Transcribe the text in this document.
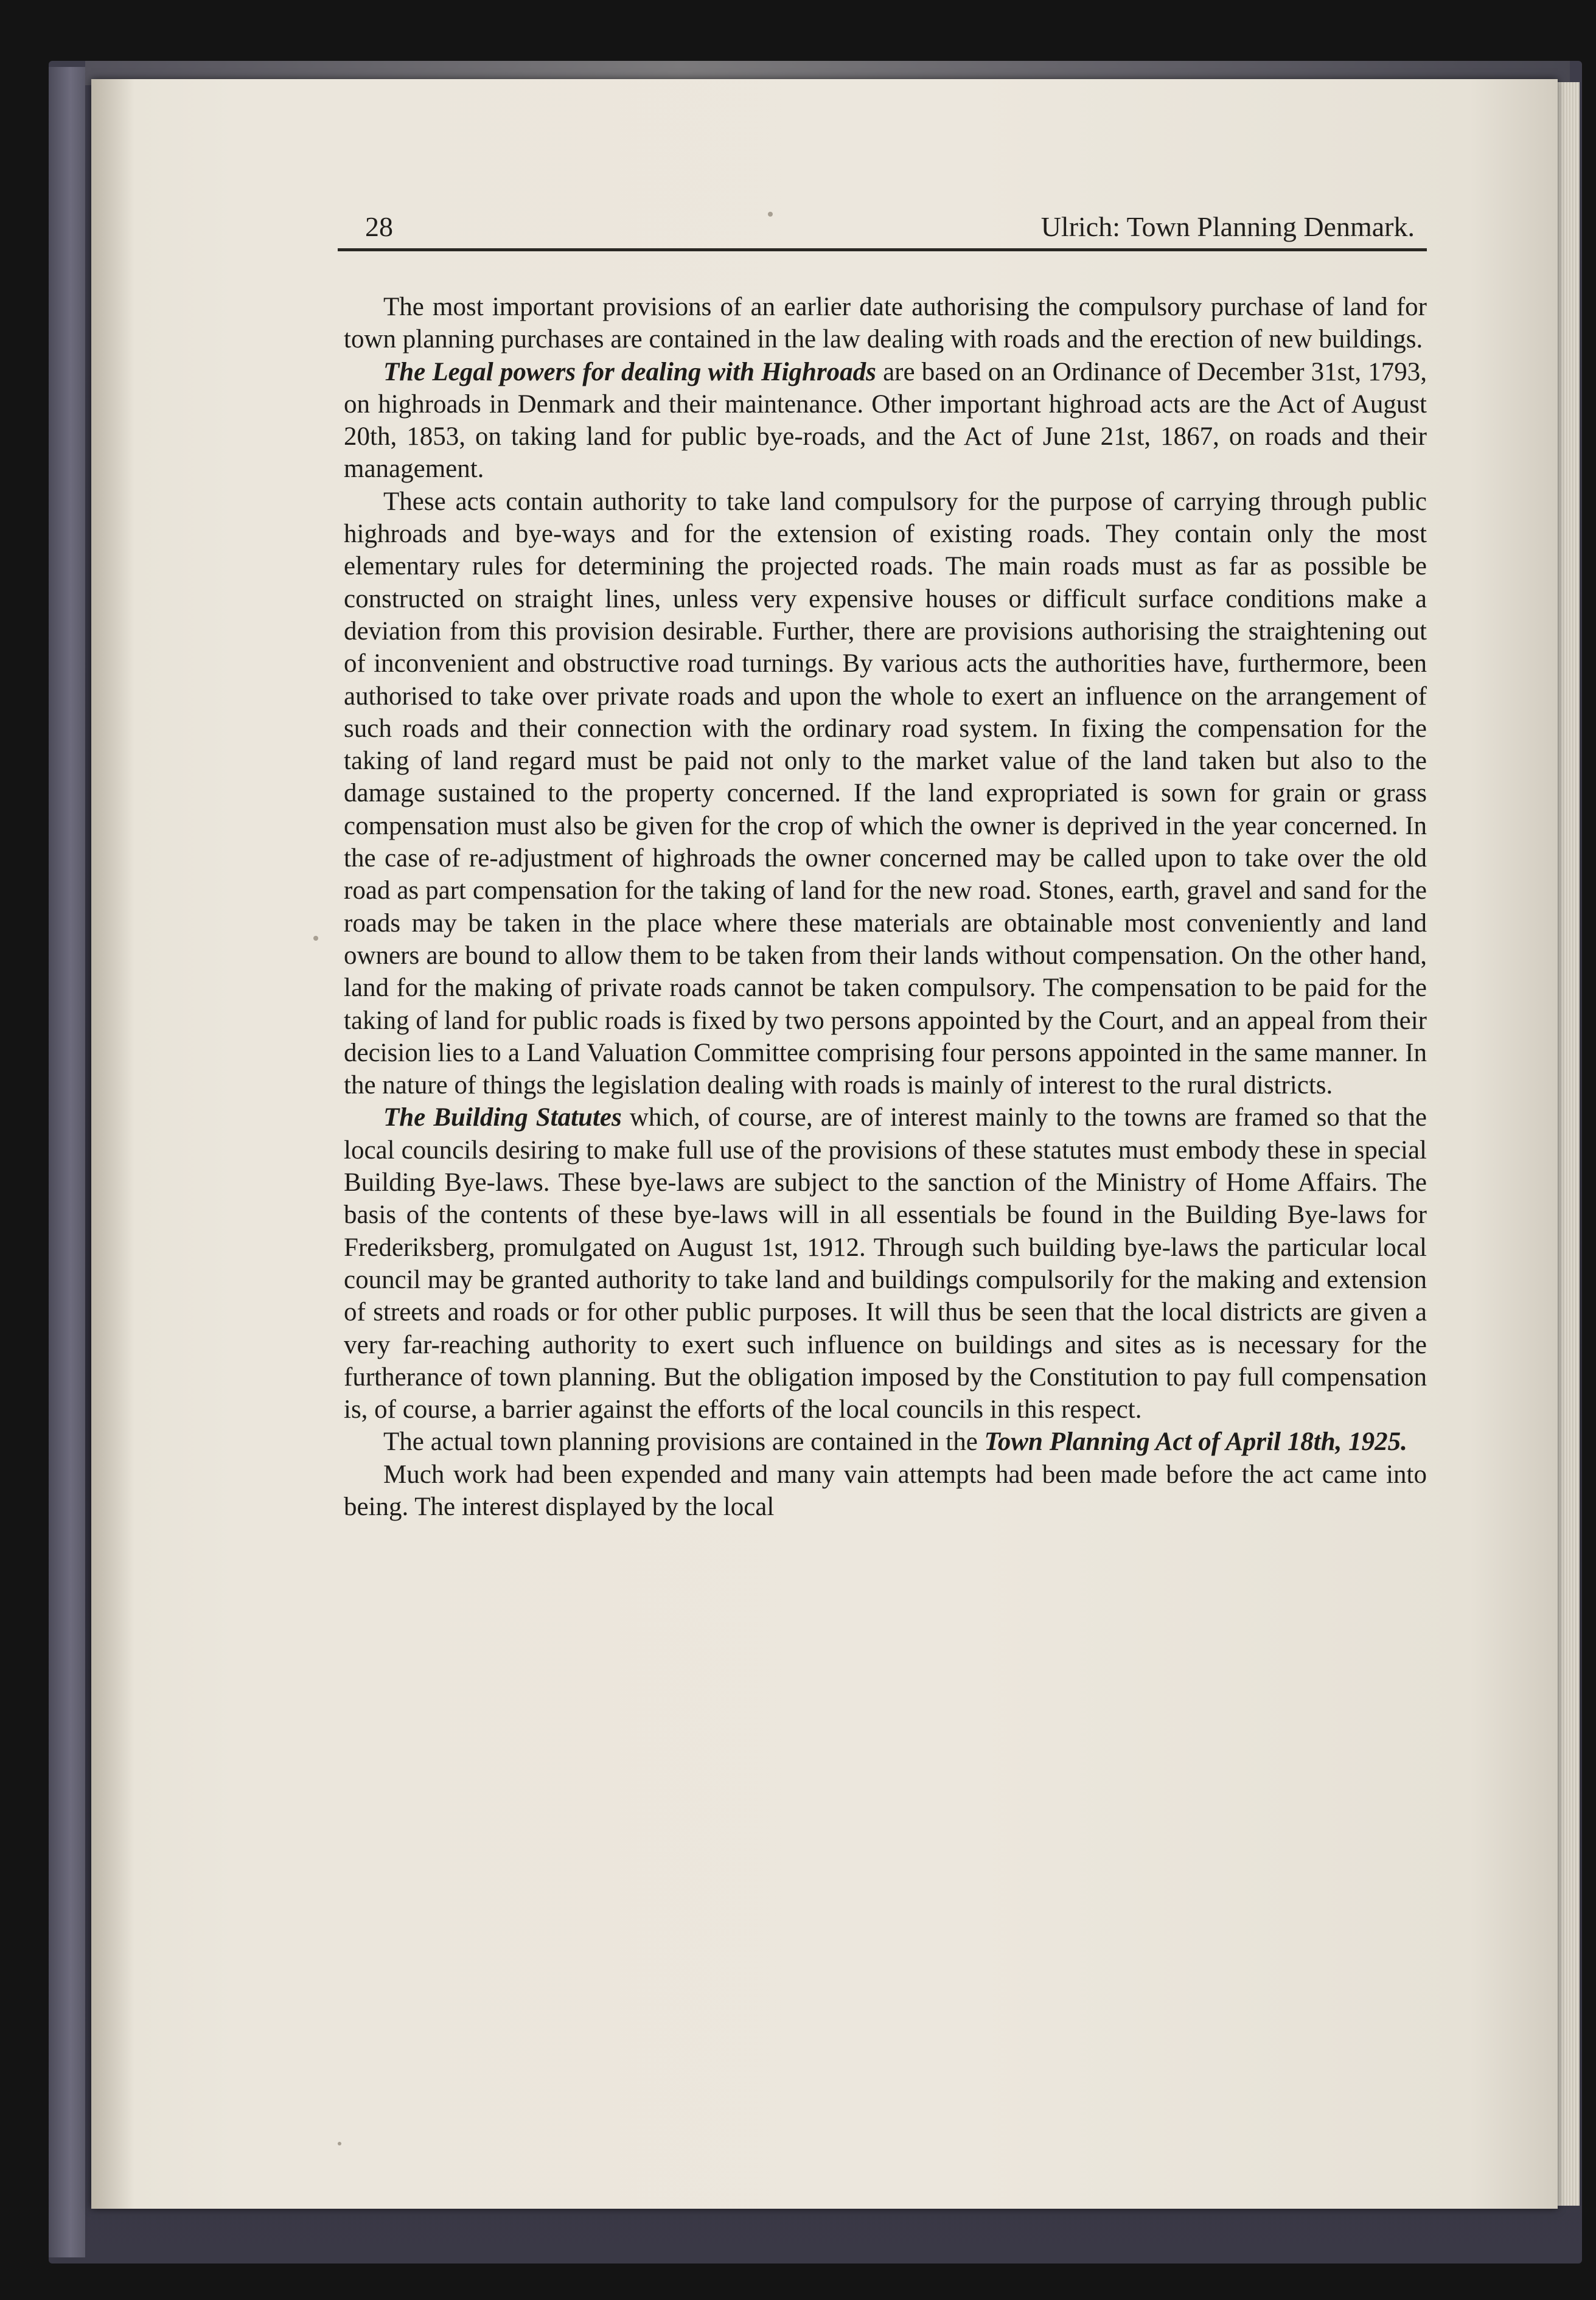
28	Ulrich: Town Planning Denmark.

The most important provisions of an earlier date authorising the compulsory purchase of land for town planning purchases are contained in the law dealing with roads and the erection of new buildings.

The Legal powers for dealing with Highroads are based on an Ordinance of December 31st, 1793, on highroads in Denmark and their maintenance. Other important highroad acts are the Act of August 20th, 1853, on taking land for public bye-roads, and the Act of June 21st, 1867, on roads and their management.

These acts contain authority to take land compulsory for the purpose of carrying through public highroads and bye-ways and for the extension of existing roads. They contain only the most elementary rules for determining the projected roads. The main roads must as far as possible be constructed on straight lines, unless very expensive houses or difficult surface conditions make a deviation from this provision desirable. Further, there are provisions authorising the straightening out of inconvenient and obstructive road turnings. By various acts the authorities have, furthermore, been authorised to take over private roads and upon the whole to exert an influence on the arrangement of such roads and their connection with the ordinary road system. In fixing the compensation for the taking of land regard must be paid not only to the market value of the land taken but also to the damage sustained to the property concerned. If the land expropriated is sown for grain or grass compensation must also be given for the crop of which the owner is deprived in the year concerned. In the case of re-adjustment of highroads the owner concerned may be called upon to take over the old road as part compensation for the taking of land for the new road. Stones, earth, gravel and sand for the roads may be taken in the place where these materials are obtainable most conveniently and land owners are bound to allow them to be taken from their lands without compensation. On the other hand, land for the making of private roads cannot be taken compulsory. The compensation to be paid for the taking of land for public roads is fixed by two persons appointed by the Court, and an appeal from their decision lies to a Land Valuation Committee comprising four persons appointed in the same manner. In the nature of things the legislation dealing with roads is mainly of interest to the rural districts.

The Building Statutes which, of course, are of interest mainly to the towns are framed so that the local councils desiring to make full use of the provisions of these statutes must embody these in special Building Bye-laws. These bye-laws are subject to the sanction of the Ministry of Home Affairs. The basis of the contents of these bye-laws will in all essentials be found in the Building Bye-laws for Frederiksberg, promulgated on August 1st, 1912. Through such building bye-laws the particular local council may be granted authority to take land and buildings compulsorily for the making and extension of streets and roads or for other public purposes. It will thus be seen that the local districts are given a very far-reaching authority to exert such influence on buildings and sites as is necessary for the furtherance of town planning. But the obligation imposed by the Constitution to pay full compensation is, of course, a barrier against the efforts of the local councils in this respect.

The actual town planning provisions are contained in the Town Planning Act of April 18th, 1925.

Much work had been expended and many vain attempts had been made before the act came into being. The interest displayed by the local
